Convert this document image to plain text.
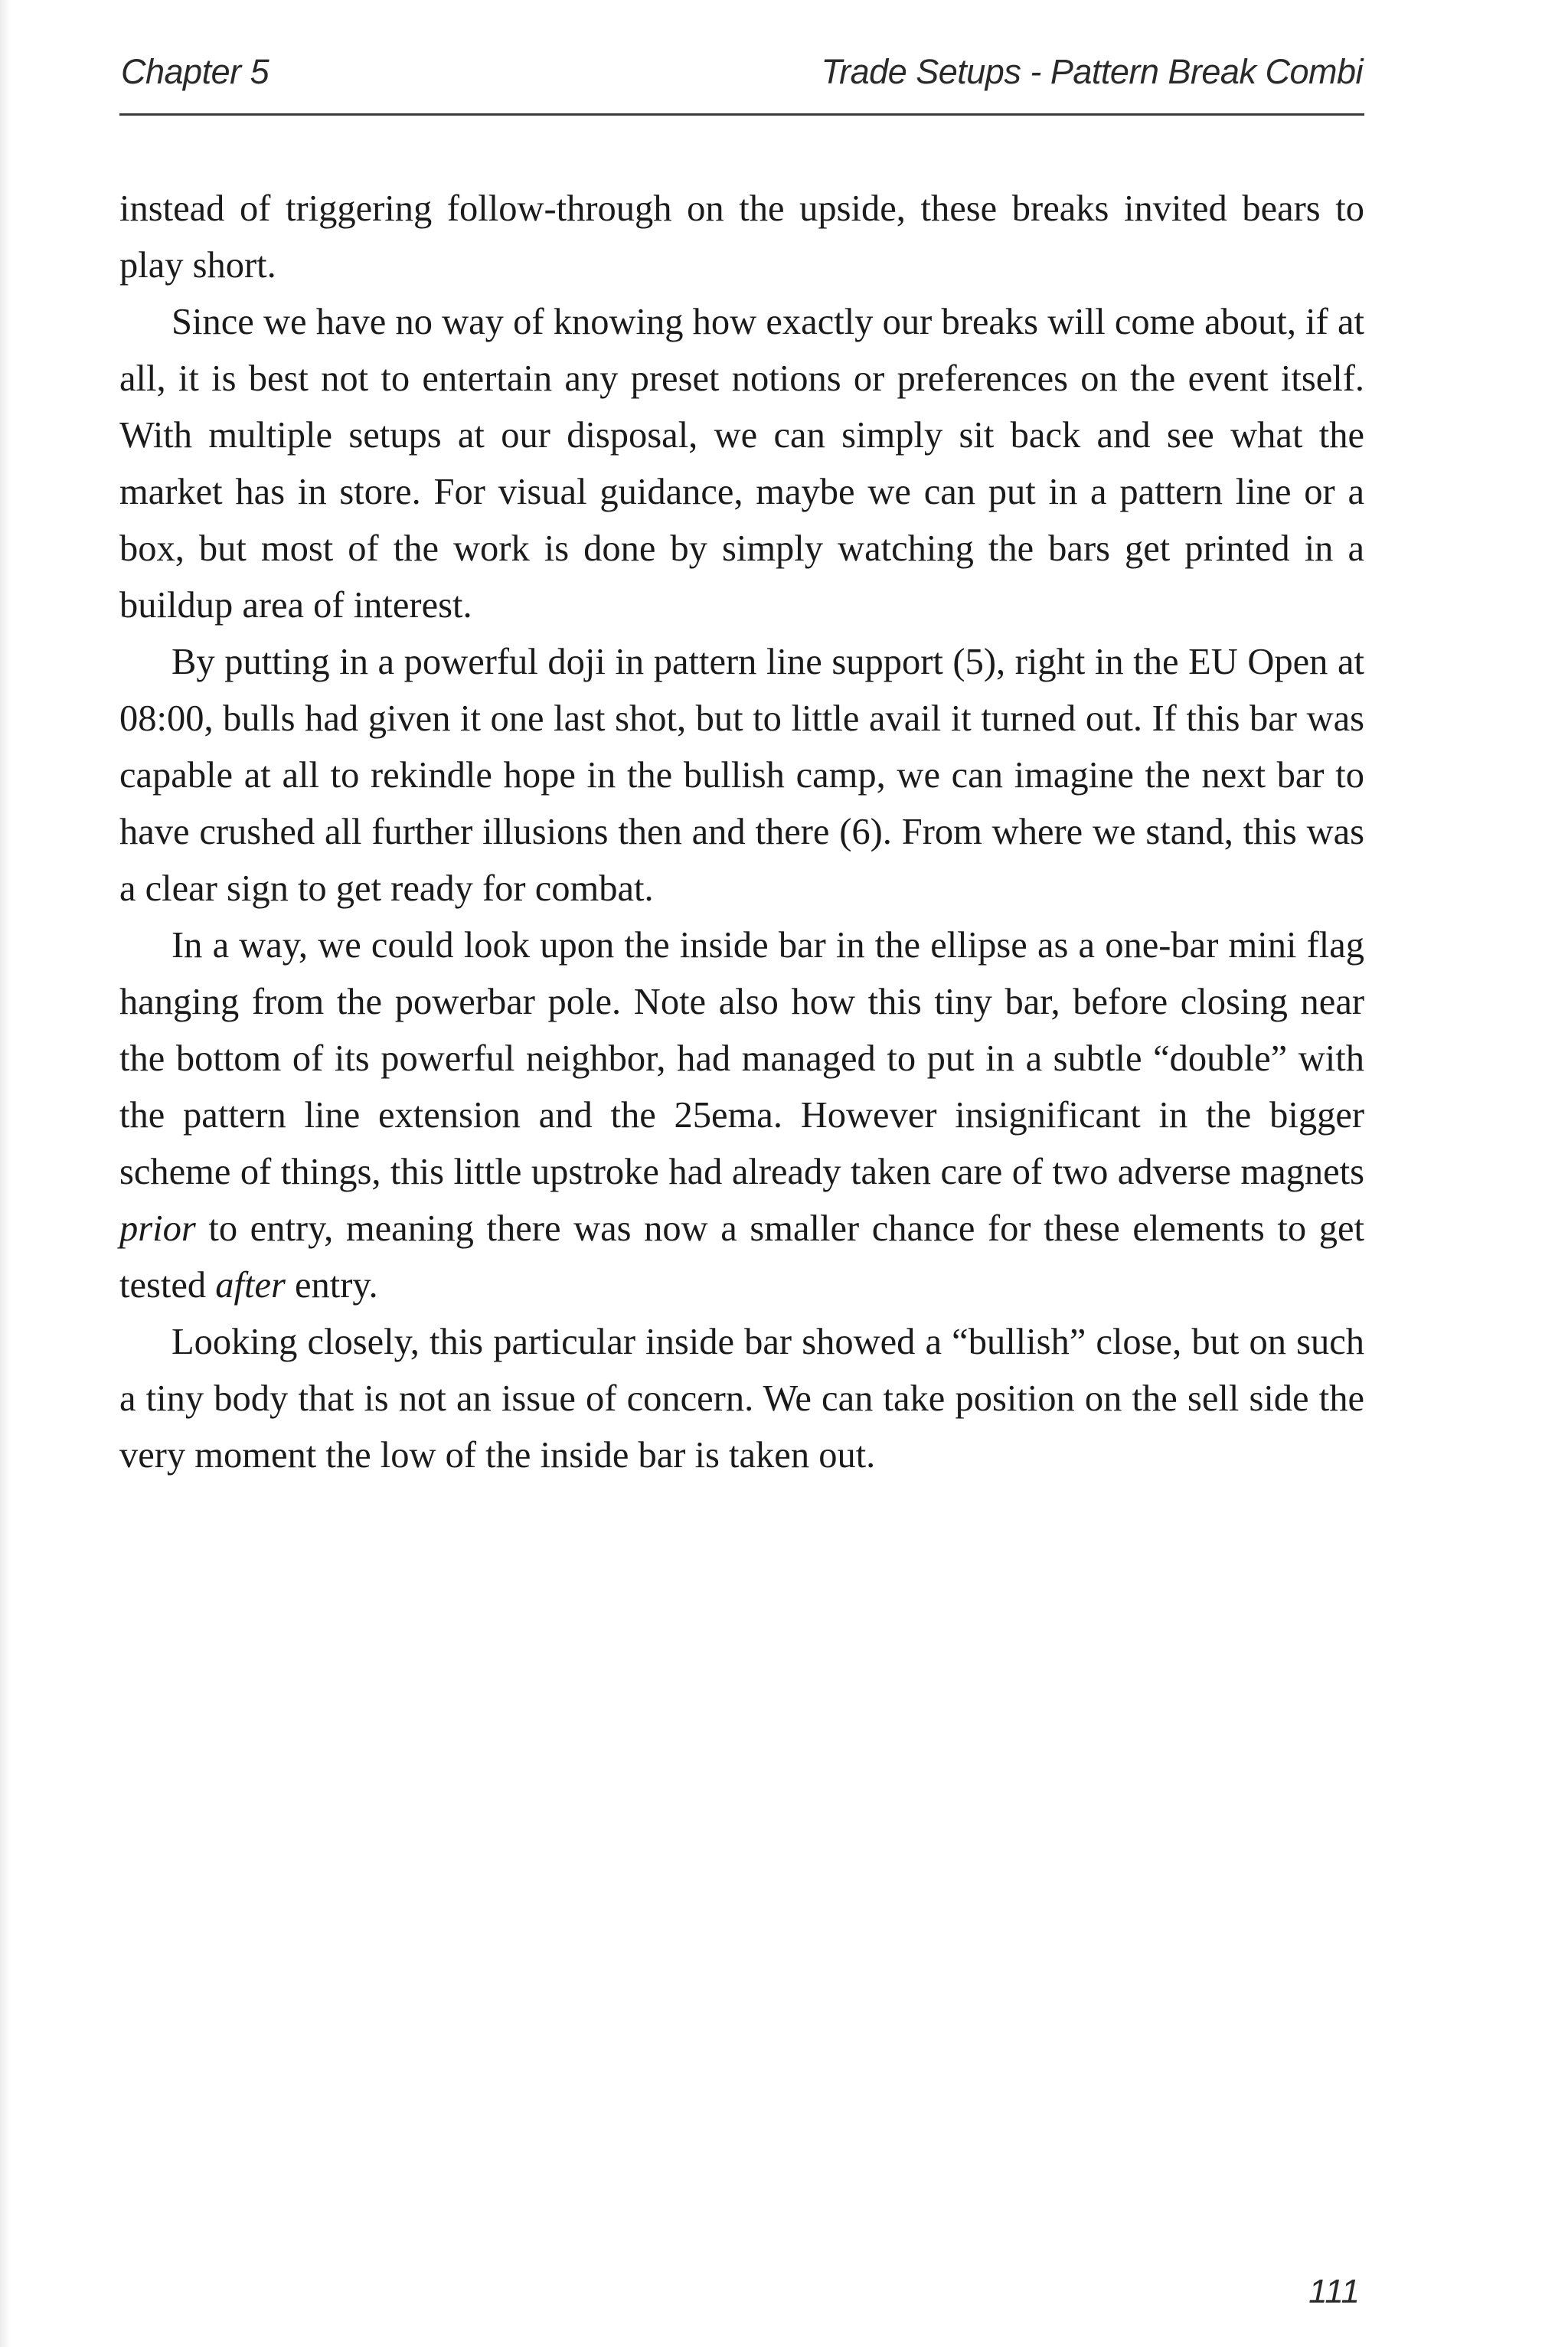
Chapter 5	Trade Setups - Pattern Break Combi

instead of triggering follow-through on the upside, these breaks invited bears to play short.

Since we have no way of knowing how exactly our breaks will come about, if at all, it is best not to entertain any preset notions or preferences on the event itself. With multiple setups at our disposal, we can simply sit back and see what the market has in store. For visual guidance, maybe we can put in a pattern line or a box, but most of the work is done by simply watching the bars get printed in a buildup area of interest.

By putting in a powerful doji in pattern line support (5), right in the EU Open at 08:00, bulls had given it one last shot, but to little avail it turned out. If this bar was capable at all to rekindle hope in the bullish camp, we can imagine the next bar to have crushed all further illusions then and there (6). From where we stand, this was a clear sign to get ready for combat.

In a way, we could look upon the inside bar in the ellipse as a one-bar mini flag hanging from the powerbar pole. Note also how this tiny bar, before closing near the bottom of its powerful neighbor, had managed to put in a subtle “double” with the pattern line extension and the 25ema. However insignificant in the bigger scheme of things, this little upstroke had already taken care of two adverse magnets prior to entry, meaning there was now a smaller chance for these elements to get tested after entry.

Looking closely, this particular inside bar showed a “bullish” close, but on such a tiny body that is not an issue of concern. We can take position on the sell side the very moment the low of the inside bar is taken out.

111
